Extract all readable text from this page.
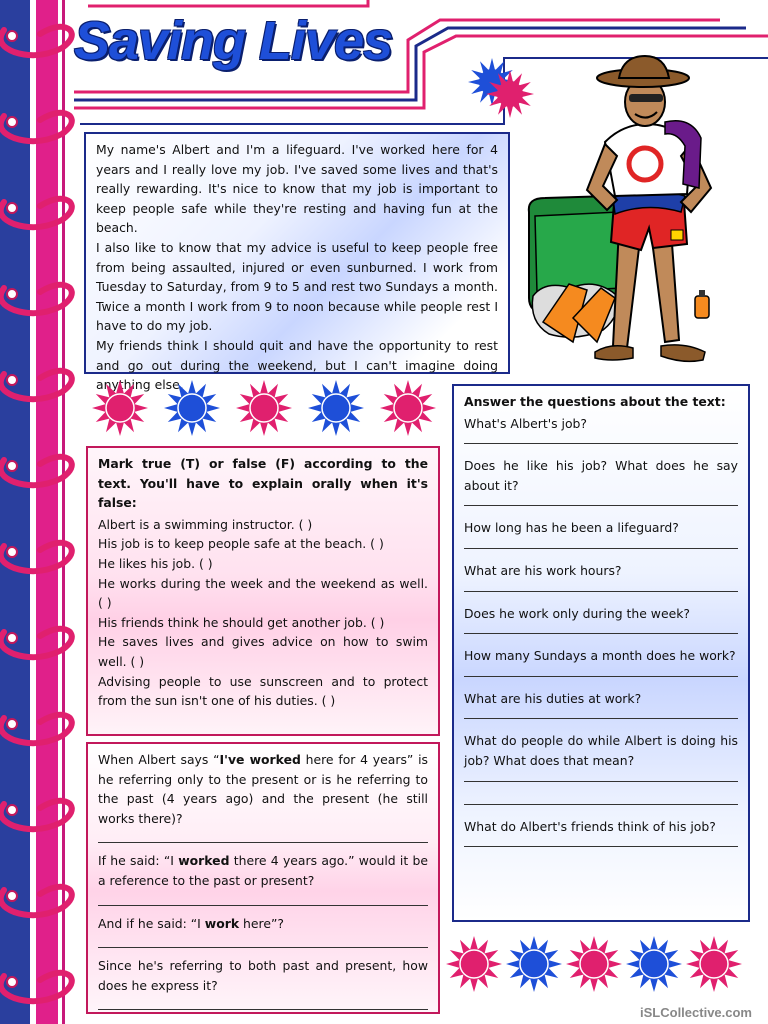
Saving Lives

My name's Albert and I'm a lifeguard. I've worked here for 4 years and I really love my job. I've saved some lives and that's really rewarding. It's nice to know that my job is important to keep people safe while they're resting and having fun at the beach.

I also like to know that my advice is useful to keep people free from being assaulted, injured or even sunburned. I work from Tuesday to Saturday, from 9 to 5 and rest two Sundays a month. Twice a month I work from 9 to noon because while people rest I have to do my job.

My friends think I should quit and have the opportunity to rest and go out during the weekend, but I can't imagine doing anything else.

Mark true (T) or false (F) according to the text. You'll have to explain orally when it's false:

Albert is a swimming instructor. ( )

His job is to keep people safe at the beach. ( )

He likes his job. ( )

He works during the week and the weekend as well. ( )

His friends think he should get another job. ( )

He saves lives and gives advice on how to swim well. ( )

Advising people to use sunscreen and to protect from the sun isn't one of his duties. ( )

When Albert says “I've worked here for 4 years” is he referring only to the present or is he referring to the past (4 years ago) and the present (he still works there)?

If he said: “I worked there 4 years ago.” would it be a reference to the past or present?

And if he said: “I work here”?

Since he's referring to both past and present, how does he express it?

Answer the questions about the text:

What's Albert's job?

Does he like his job? What does he say about it?

How long has he been a lifeguard?

What are his work hours?

Does he work only during the week?

How many Sundays a month does he work?

What are his duties at work?

What do people do while Albert is doing his job? What does that mean?

What do Albert's friends think of his job?

iSLCollective.com
